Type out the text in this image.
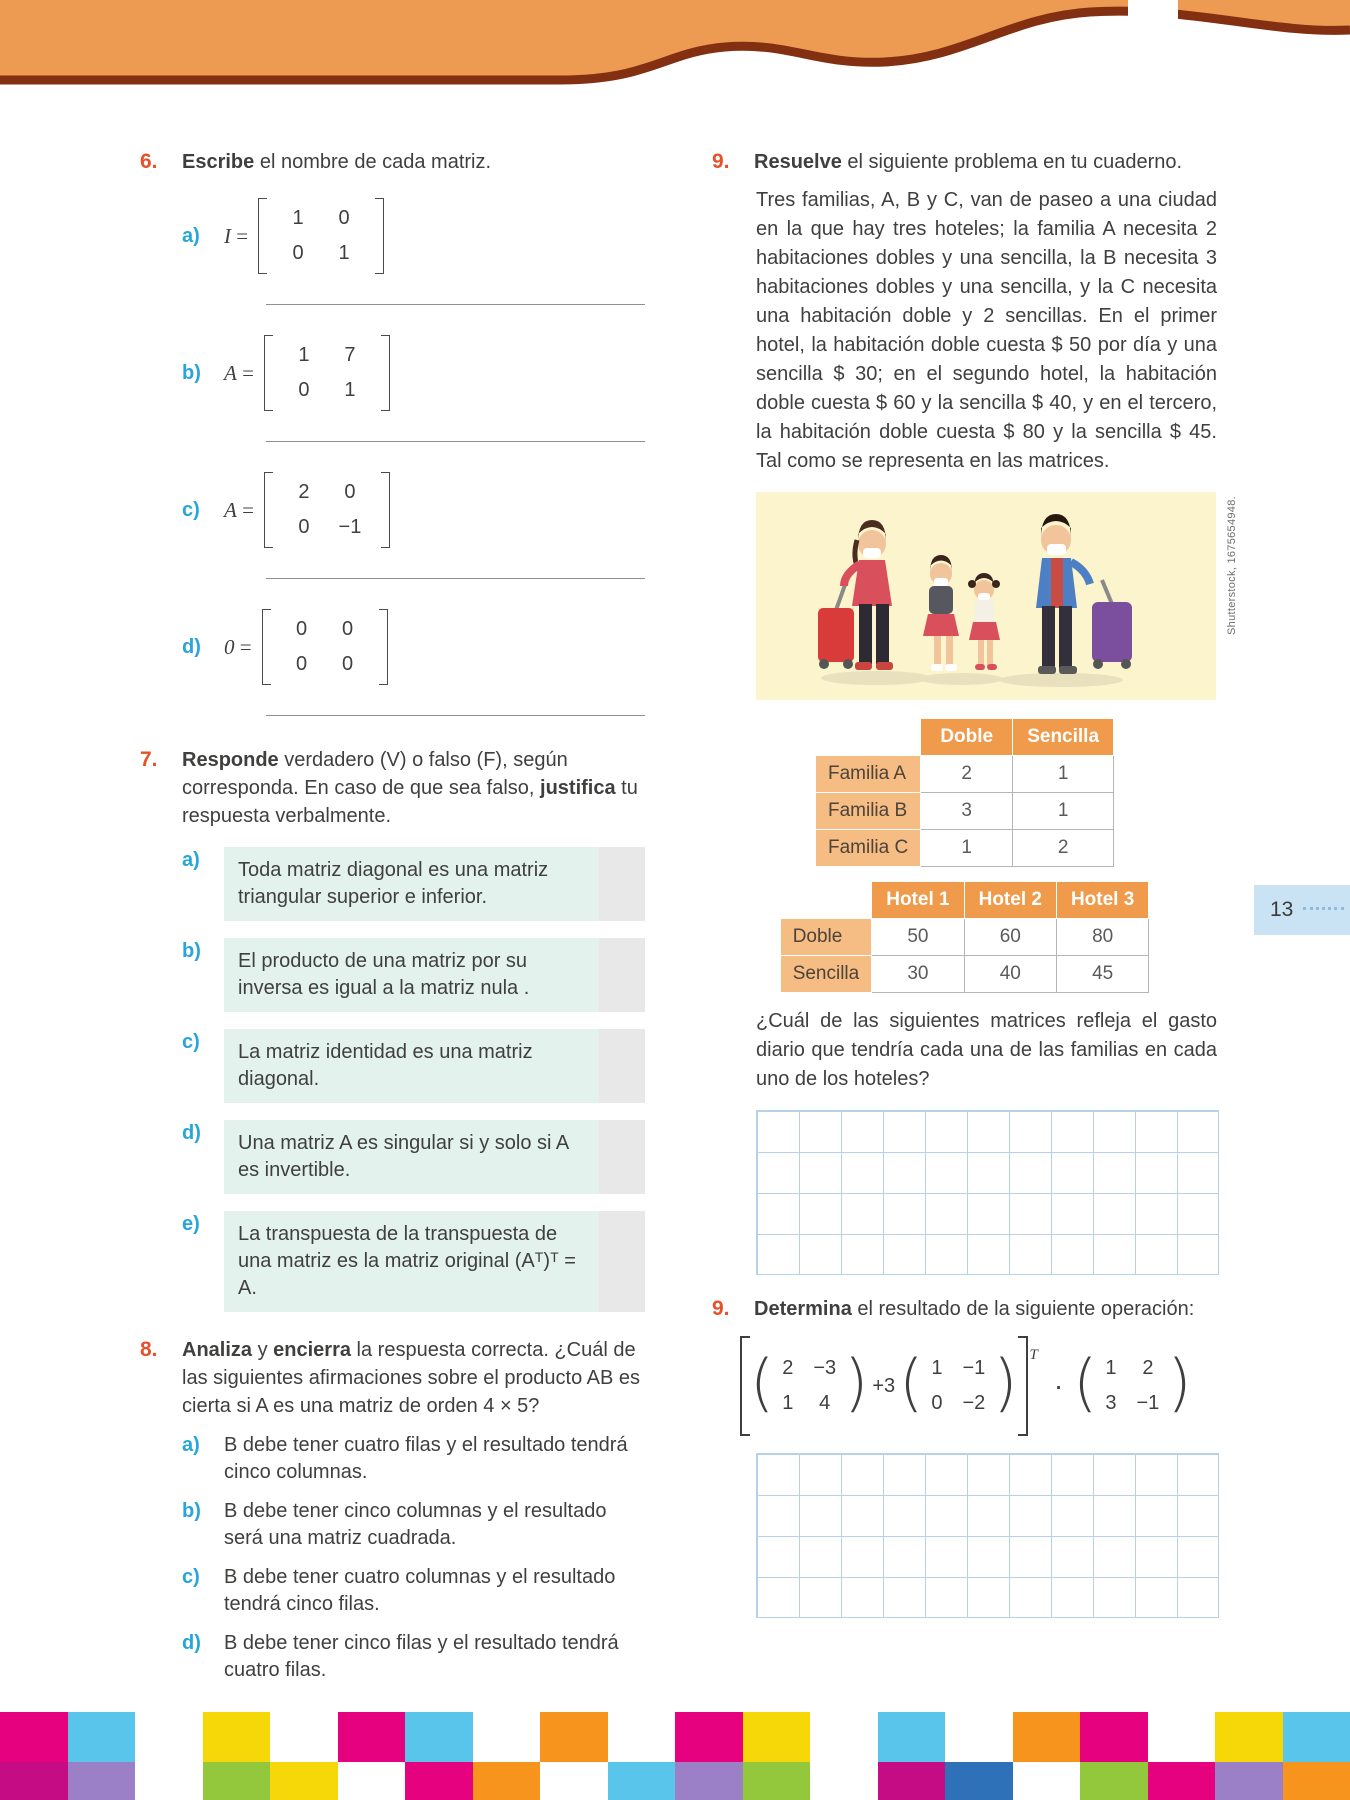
6.	Escribe el nombre de cada matriz.

a)	I =
1	0
0	1
b)	A =
1	7
0	1
c)	A =
2	0
0	−1
d)	0 =
0	0
0	0
7.	Responde verdadero (V) o falso (F), según corresponda. En caso de que sea falso, justifica tu respuesta verbalmente.

a)	Toda matriz diagonal es una matriz triangular superior e inferior.
b)	El producto de una matriz por su inversa es igual a la matriz nula .
c)	La matriz identidad es una matriz diagonal.
d)	Una matriz A es singular si y solo si A es invertible.
e)	La transpuesta de la transpuesta de una matriz es la matriz original (Aᵀ)ᵀ = A.
8.	Analiza y encierra la respuesta correcta. ¿Cuál de las siguientes afirmaciones sobre el producto AB es cierta si A es una matriz de orden 4 × 5?

a)	B debe tener cuatro filas y el resultado tendrá cinco columnas.
b)	B debe tener cinco columnas y el resultado será una matriz cuadrada.
c)	B debe tener cuatro columnas y el resultado tendrá cinco filas.
d)	B debe tener cinco filas y el resultado tendrá cuatro filas.
9.	Resuelve el siguiente problema en tu cuaderno.

Tres familias, A, B y C, van de paseo a una ciudad en la que hay tres hoteles; la familia A necesita 2 habitaciones dobles y una sencilla, la B necesita 3 habitaciones dobles y una sencilla, y la C necesita una habitación doble y 2 sencillas. En el primer hotel, la habitación doble cuesta $ 50 por día y una sencilla $ 30; en el segundo hotel, la habitación doble cuesta $ 60 y la sencilla $ 40, y en el tercero, la habitación doble cuesta $ 80 y la sencilla $ 45. Tal como se representa en las matrices.

Shutterstock, 1675654948.
	Doble	Sencilla
Familia A	2	1
Familia B	3	1
Familia C	1	2
	Hotel 1	Hotel 2	Hotel 3
Doble	50	60	80
Sencilla	30	40	45

¿Cuál de las siguientes matrices refleja el gasto diario que tendría cada una de las familias en cada uno de los hoteles?

9.	Determina el resultado de la siguiente operación:

( 2 −3
1 4 ) +3 ( 1 −1
0 −2 ) T
· ( 1 2
3 −1 )
13
